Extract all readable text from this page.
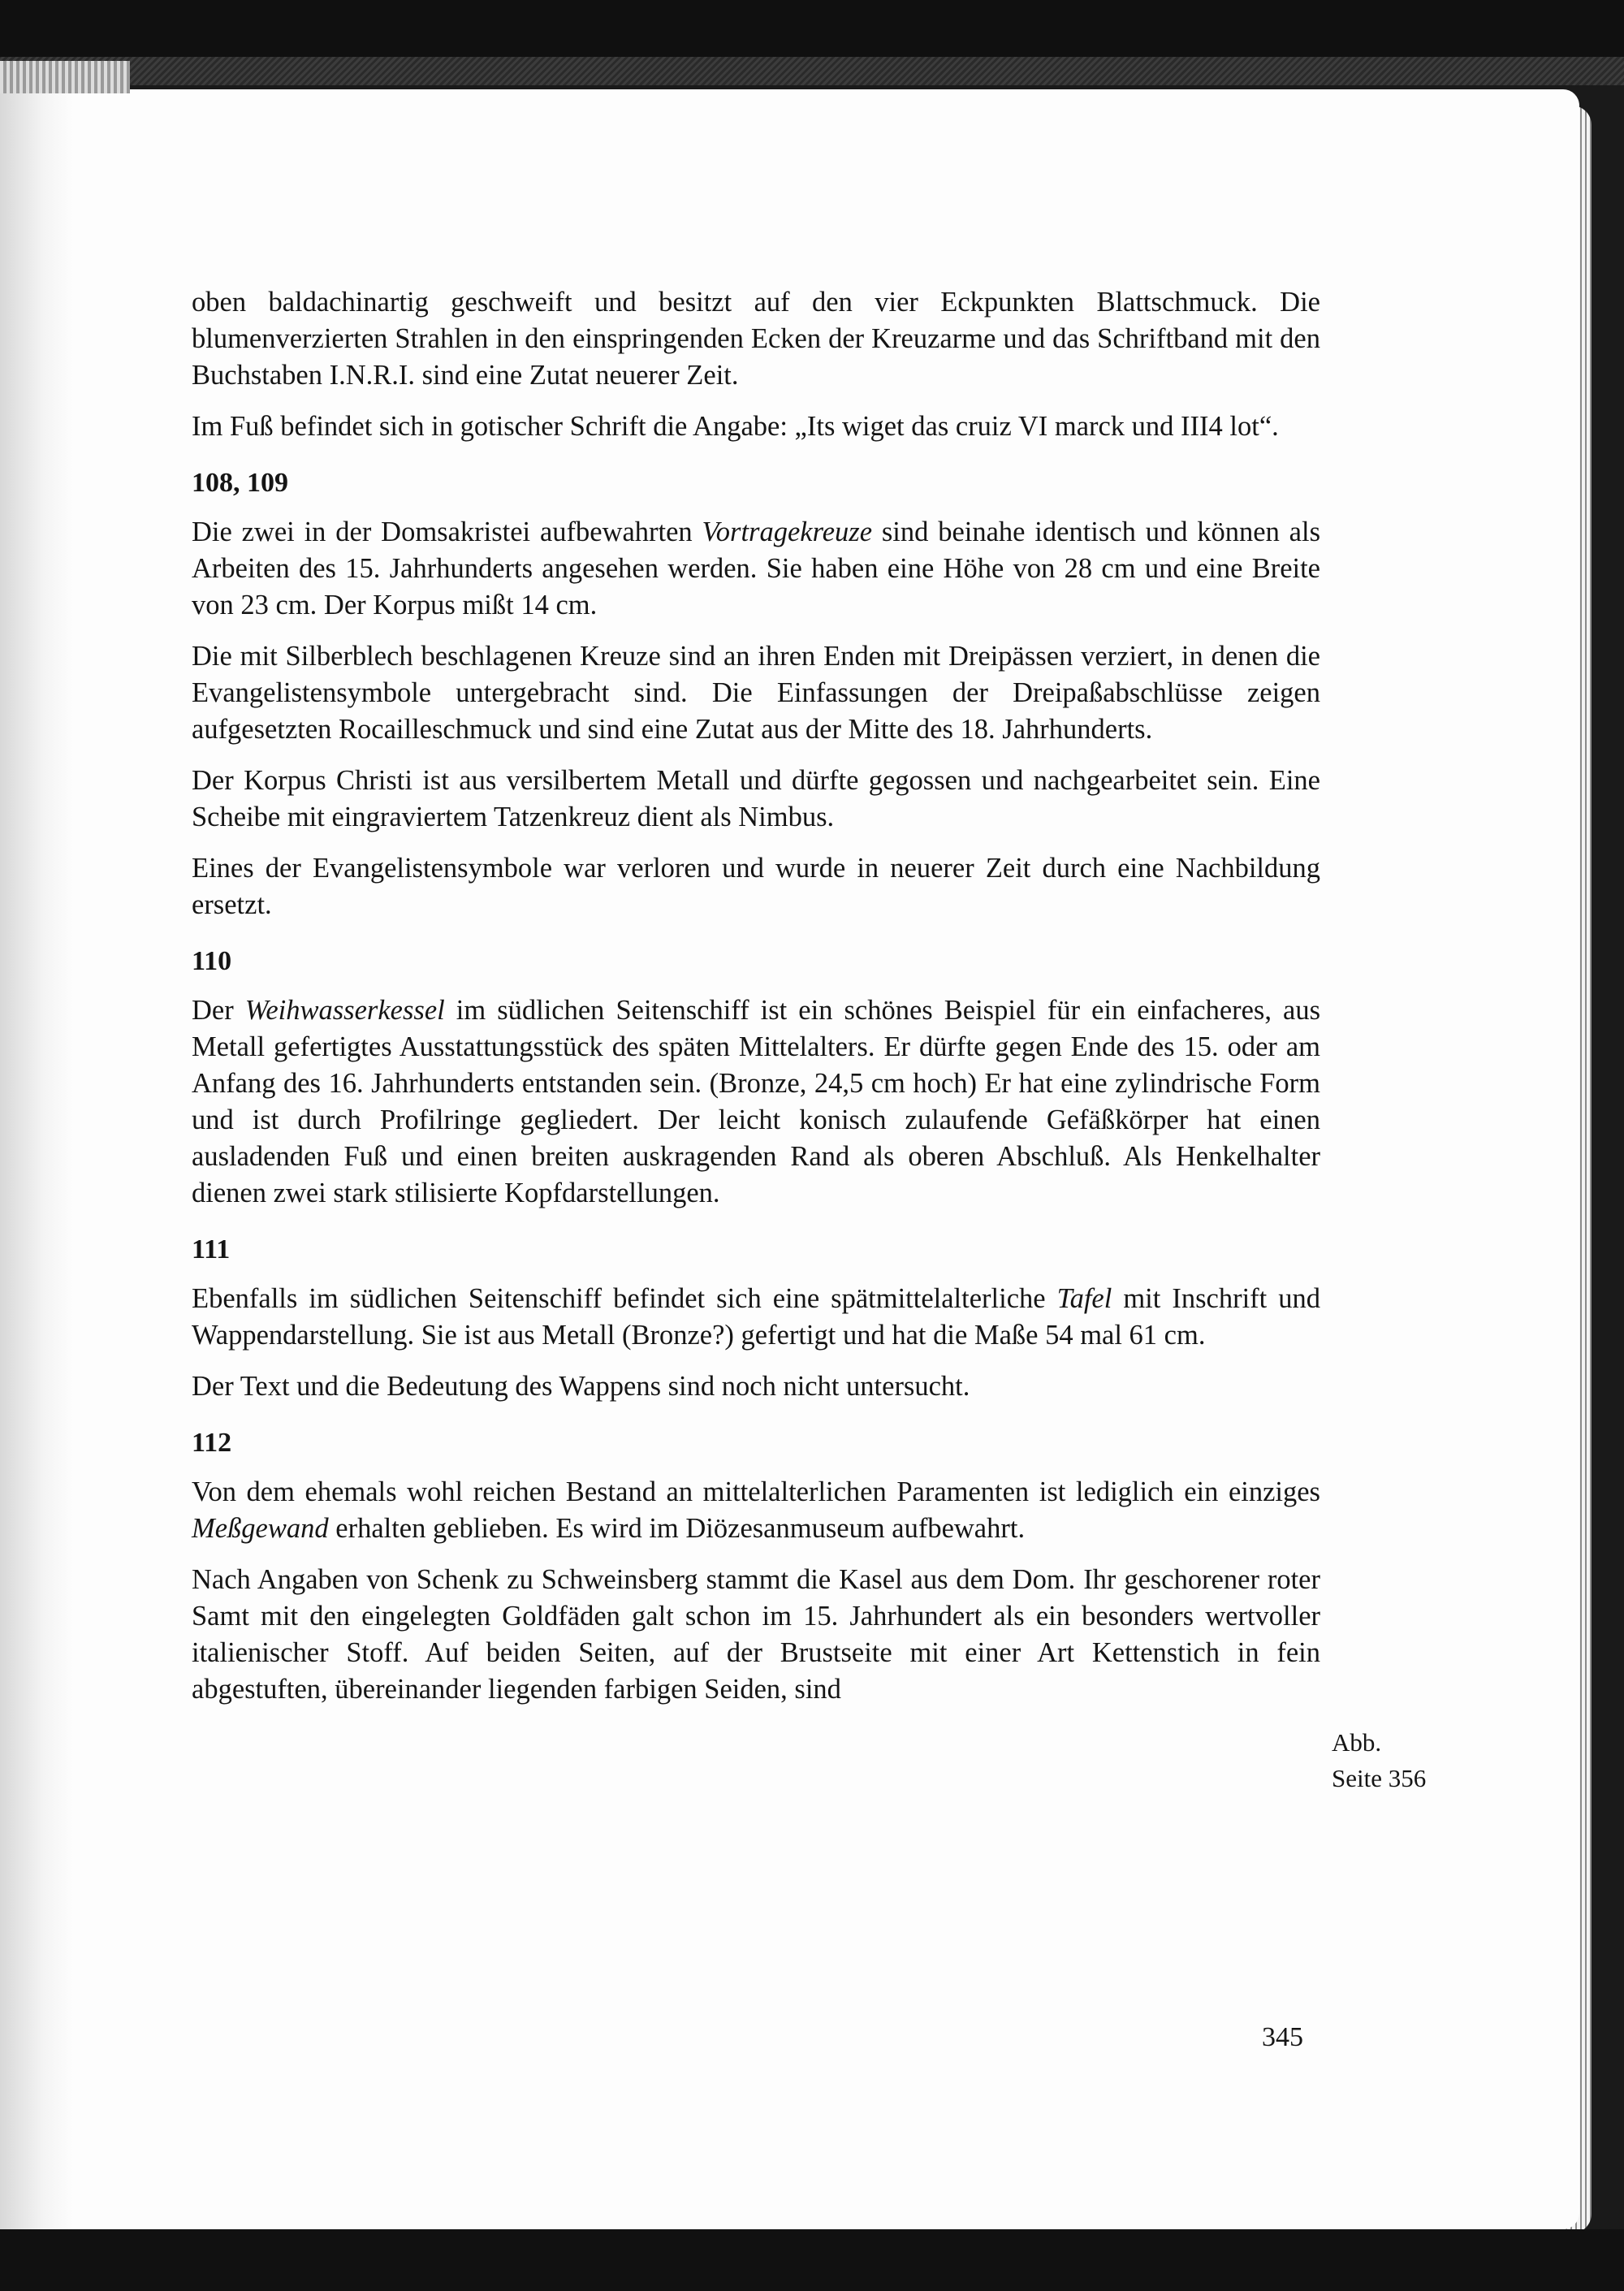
oben baldachinartig geschweift und besitzt auf den vier Eckpunkten Blattschmuck. Die blumenverzierten Strahlen in den einspringenden Ecken der Kreuzarme und das Schriftband mit den Buchstaben I.N.R.I. sind eine Zutat neuerer Zeit.

Im Fuß befindet sich in gotischer Schrift die Angabe: „Its wiget das cruiz VI marck und III4 lot“.

108, 109

Die zwei in der Domsakristei aufbewahrten Vortragekreuze sind beinahe identisch und können als Arbeiten des 15. Jahrhunderts angesehen werden. Sie haben eine Höhe von 28 cm und eine Breite von 23 cm. Der Korpus mißt 14 cm.

Die mit Silberblech beschlagenen Kreuze sind an ihren Enden mit Dreipässen verziert, in denen die Evangelistensymbole untergebracht sind. Die Einfassungen der Dreipaßabschlüsse zeigen aufgesetzten Rocailleschmuck und sind eine Zutat aus der Mitte des 18. Jahrhunderts.

Der Korpus Christi ist aus versilbertem Metall und dürfte gegossen und nachgearbeitet sein. Eine Scheibe mit eingraviertem Tatzenkreuz dient als Nimbus.

Eines der Evangelistensymbole war verloren und wurde in neuerer Zeit durch eine Nachbildung ersetzt.

110

Der Weihwasserkessel im südlichen Seitenschiff ist ein schönes Beispiel für ein einfacheres, aus Metall gefertigtes Ausstattungsstück des späten Mittelalters. Er dürfte gegen Ende des 15. oder am Anfang des 16. Jahrhunderts entstanden sein. (Bronze, 24,5 cm hoch) Er hat eine zylindrische Form und ist durch Profilringe gegliedert. Der leicht konisch zulaufende Gefäßkörper hat einen ausladenden Fuß und einen breiten auskragenden Rand als oberen Abschluß. Als Henkelhalter dienen zwei stark stilisierte Kopfdarstellungen.

111

Ebenfalls im südlichen Seitenschiff befindet sich eine spätmittelalterliche Tafel mit Inschrift und Wappendarstellung. Sie ist aus Metall (Bronze?) gefertigt und hat die Maße 54 mal 61 cm.

Der Text und die Bedeutung des Wappens sind noch nicht untersucht.

112

Von dem ehemals wohl reichen Bestand an mittelalterlichen Paramenten ist lediglich ein einziges Meßgewand erhalten geblieben. Es wird im Diözesanmuseum aufbewahrt.

Nach Angaben von Schenk zu Schweinsberg stammt die Kasel aus dem Dom. Ihr geschorener roter Samt mit den eingelegten Goldfäden galt schon im 15. Jahrhundert als ein besonders wertvoller italienischer Stoff. Auf beiden Seiten, auf der Brustseite mit einer Art Kettenstich in fein abgestuften, übereinander liegenden farbigen Seiden, sind

Abb.
Seite 356
345
